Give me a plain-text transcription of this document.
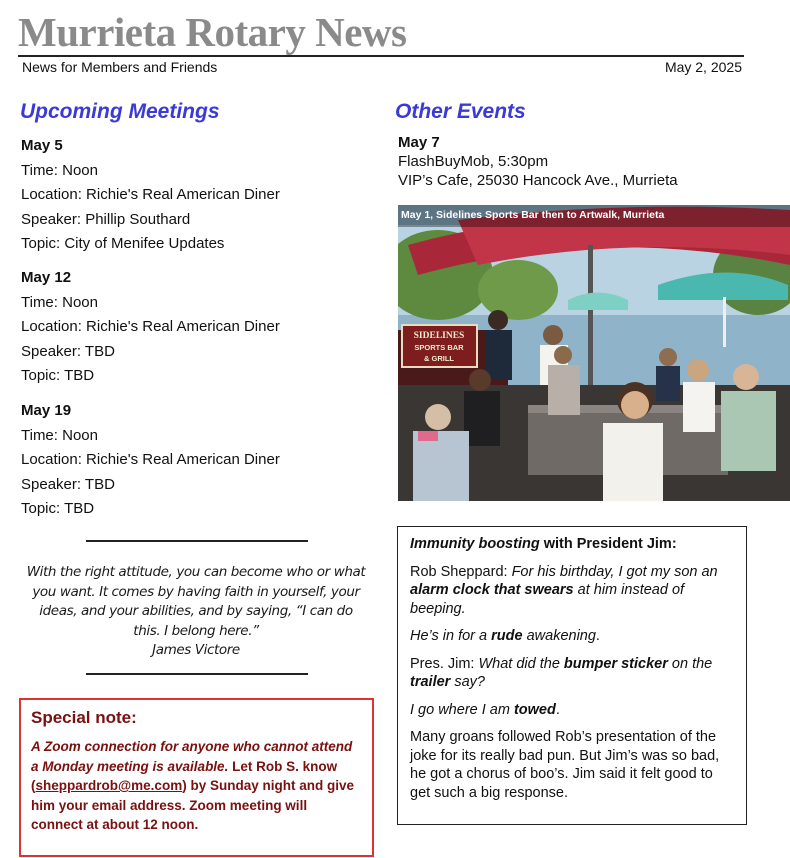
Murrieta Rotary News
News for Members and Friends	May 2, 2025
Upcoming Meetings	Other Events
May 5
Time: Noon
Location: Richie's Real American Diner
Speaker: Phillip Southard
Topic: City of Menifee Updates
May 12
Time: Noon
Location: Richie's Real American Diner
Speaker: TBD
Topic: TBD
May 19
Time: Noon
Location: Richie's Real American Diner
Speaker: TBD
Topic: TBD
With the right attitude, you can become who or what you want. It comes by having faith in yourself, your ideas, and your abilities, and by saying, “I can do this. I belong here.”
James Victore
Special note:
A Zoom connection for anyone who cannot attend a Monday meeting is available. Let Rob S. know (sheppardrob@me.com) by Sunday night and give him your email address. Zoom meeting will connect at about 12 noon.
May 7
FlashBuyMob, 5:30pm
VIP’s Cafe, 25030 Hancock Ave., Murrieta
SIDELINES
SPORTS BAR
& GRILL
May 1, Sidelines Sports Bar then to Artwalk, Murrieta

Immunity boosting with President Jim:

Rob Sheppard: For his birthday, I got my son an alarm clock that swears at him instead of beeping.

He’s in for a rude awakening.

Pres. Jim: What did the bumper sticker on the trailer say?

I go where I am towed.

Many groans followed Rob’s presentation of the joke for its really bad pun. But Jim’s was so bad, he got a chorus of boo’s. Jim said it felt good to get such a big response.
